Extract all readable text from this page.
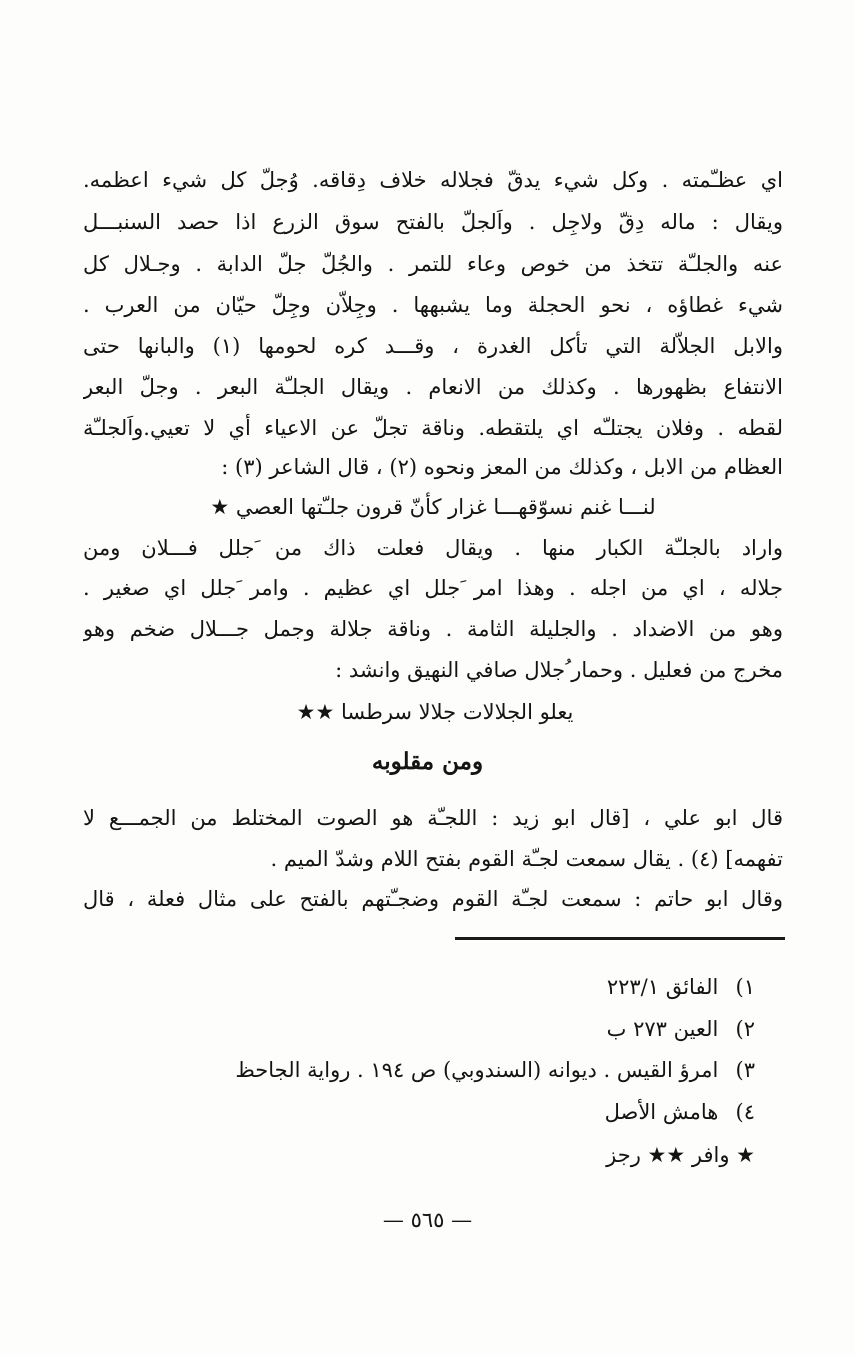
اي عظـّمته . وكل شيء يدقّ فجلاله خلاف دِقاقه. وُجلّ كل شيء اعظمه.
ويقال : ماله دِقّ ولاجِل . واَلجلّ بالفتح سوق الزرع اذا حصد السنبـــل
عنه والجلـّة تتخذ من خوص وعاء للتمر . والجُلّ جلّ الدابة . وجـلال كل
شيء غطاؤه ، نحو الحجلة وما يشبهها . وجِلاّن وجِلّ حيّان من العرب .
والابل الجلاّلة التي تأكل الغدرة ، وقـــد كره لحومها (١) والبانها حتى
الانتفاع بظهورها . وكذلك من الانعام . ويقال الجلـّة البعر . وجلّ البعر
لقطه . وفلان يجتلـّه اي يلتقطه. وناقة تجلّ عن الاعياء أي لا تعيي.واَلجلـّة
العظام من الابل ، وكذلك من المعز ونحوه (٢) ، قال الشاعر (٣) :
لنـــا غنم نسوّقهـــا غزار كأنّ قرون جلـّتها العصي ★
واراد بالجلـّة الكبار منها . ويقال فعلت ذاك من َجلل فـــلان ومن
جلاله ، اي من اجله . وهذا امر َجلل اي عظيم . وامر َجلل اي صغير .
وهو من الاضداد . والجليلة الثامة . وناقة جلالة وجمل جـــلال ضخم وهو
مخرج من فعليل . وحمار ُجلال صافي النهيق وانشد :
يعلو الجلالات جلالا سرطسا ★★
ومن مقلوبه
قال ابو علي ، [قال ابو زيد : اللجـّة هو الصوت المختلط من الجمـــع لا
تفهمه] (٤) . يقال سمعت لجـّة القوم بفتح اللام وشدّ الميم .
وقال ابو حاتم : سمعت لجـّة القوم وضجـّتهم بالفتح على مثال فعلة ، قال
١) الفائق ٢٢٣/١
٢) العين ٢٧٣ ب
٣) امرؤ القيس . ديوانه (السندوبي) ص ١٩٤ . رواية الجاحظ
٤) هامش الأصل
★ وافر ★★ رجز
— ٥٦٥ —
